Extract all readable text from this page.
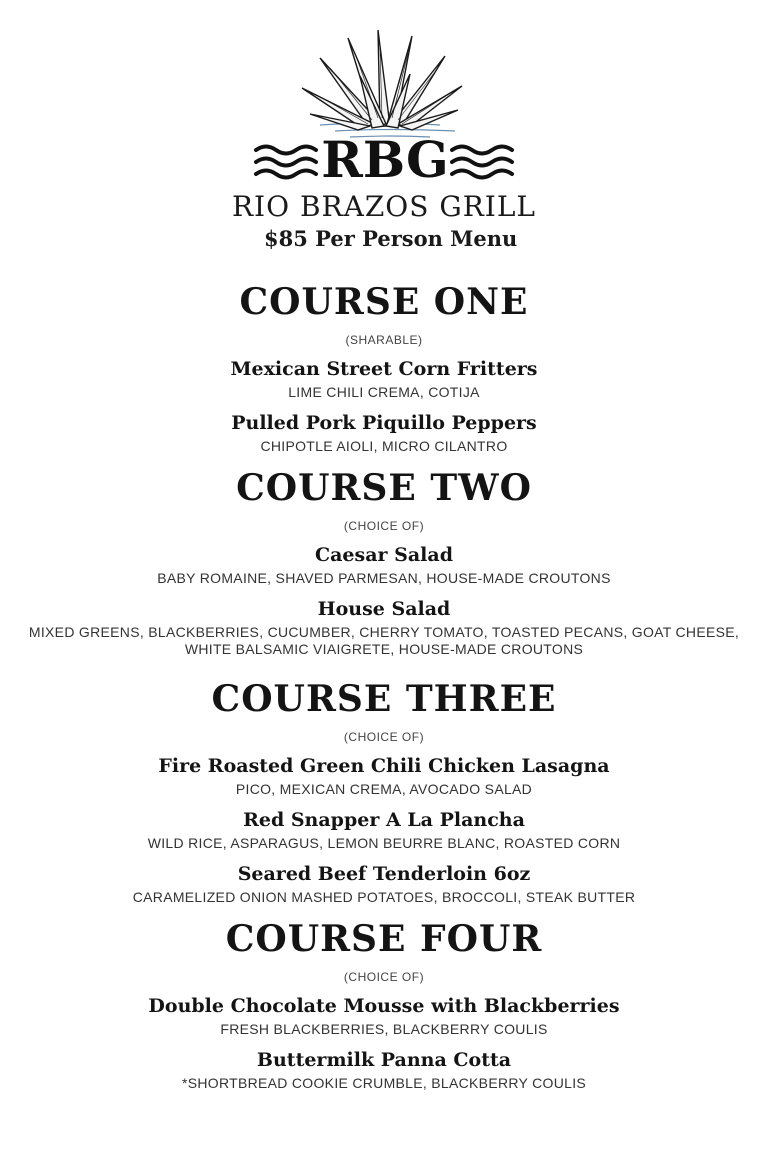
RBG
RIO BRAZOS GRILL
$85 Per Person Menu
COURSE ONE
(SHARABLE)
Mexican Street Corn Fritters
LIME CHILI CREMA, COTIJA
Pulled Pork Piquillo Peppers
CHIPOTLE AIOLI, MICRO CILANTRO
COURSE TWO
(CHOICE OF)
Caesar Salad
BABY ROMAINE, SHAVED PARMESAN, HOUSE-MADE CROUTONS
House Salad
MIXED GREENS, BLACKBERRIES, CUCUMBER, CHERRY TOMATO, TOASTED PECANS, GOAT CHEESE,
WHITE BALSAMIC VIAIGRETE, HOUSE-MADE CROUTONS
COURSE THREE
(CHOICE OF)
Fire Roasted Green Chili Chicken Lasagna
PICO, MEXICAN CREMA, AVOCADO SALAD
Red Snapper A La Plancha
WILD RICE, ASPARAGUS, LEMON BEURRE BLANC, ROASTED CORN
Seared Beef Tenderloin 6oz
CARAMELIZED ONION MASHED POTATOES, BROCCOLI, STEAK BUTTER
COURSE FOUR
(CHOICE OF)
Double Chocolate Mousse with Blackberries
FRESH BLACKBERRIES, BLACKBERRY COULIS
Buttermilk Panna Cotta
*SHORTBREAD COOKIE CRUMBLE, BLACKBERRY COULIS
